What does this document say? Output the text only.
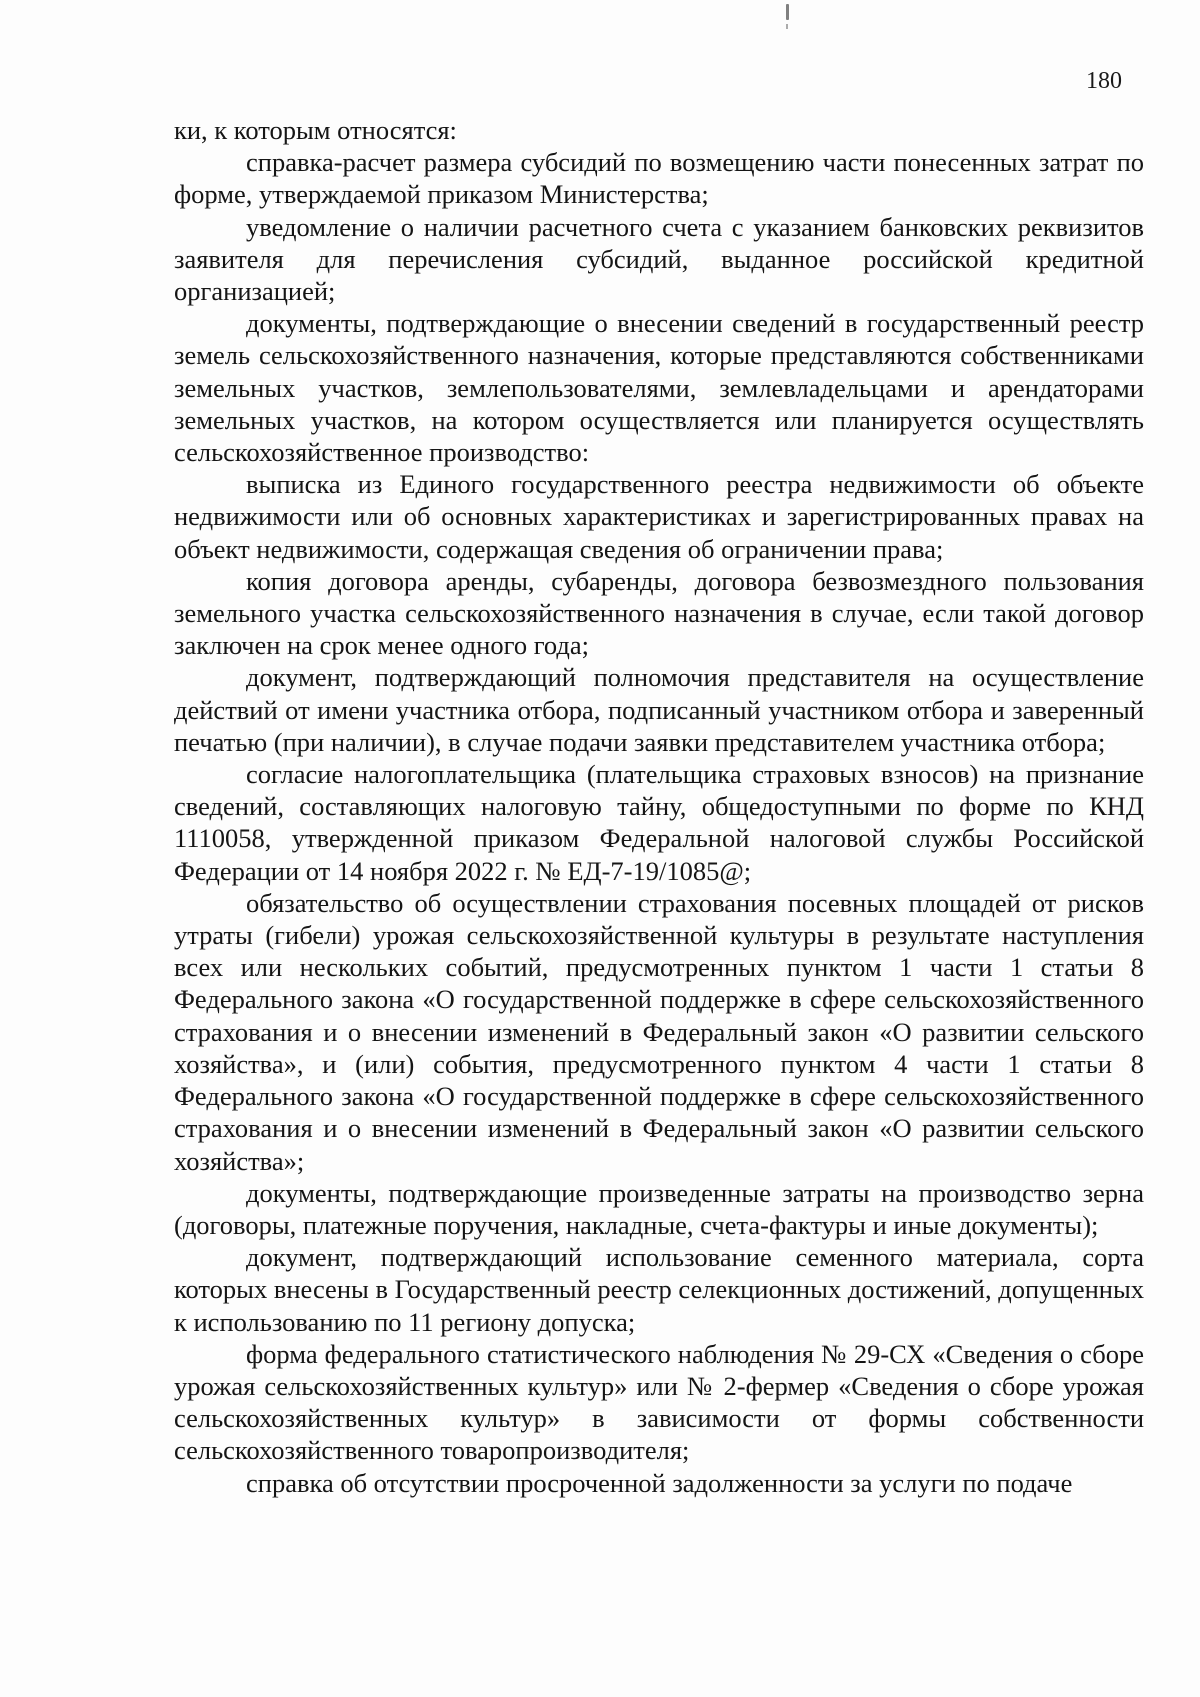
180

ки, к которым относятся:

справка-расчет размера субсидий по возмещению части понесенных затрат по форме, утверждаемой приказом Министерства;

уведомление о наличии расчетного счета с указанием банковских реквизитов заявителя для перечисления субсидий, выданное российской кредитной организацией;

документы, подтверждающие о внесении сведений в государственный реестр земель сельскохозяйственного назначения, которые представляются собственниками земельных участков, землепользователями, землевладельцами и арендаторами земельных участков, на котором осуществляется или планируется осуществлять сельскохозяйственное производство:

выписка из Единого государственного реестра недвижимости об объекте недвижимости или об основных характеристиках и зарегистрированных правах на объект недвижимости, содержащая сведения об ограничении права;

копия договора аренды, субаренды, договора безвозмездного пользования земельного участка сельскохозяйственного назначения в случае, если такой договор заключен на срок менее одного года;

документ, подтверждающий полномочия представителя на осуществление действий от имени участника отбора, подписанный участником отбора и заверенный печатью (при наличии), в случае подачи заявки представителем участника отбора;

согласие налогоплательщика (плательщика страховых взносов) на признание сведений, составляющих налоговую тайну, общедоступными по форме по КНД 1110058, утвержденной приказом Федеральной налоговой службы Российской Федерации от 14 ноября 2022 г. № ЕД-7-19/1085@;

обязательство об осуществлении страхования посевных площадей от рисков утраты (гибели) урожая сельскохозяйственной культуры в результате наступления всех или нескольких событий, предусмотренных пунктом 1 части 1 статьи 8 Федерального закона «О государственной поддержке в сфере сельскохозяйственного страхования и о внесении изменений в Федеральный закон «О развитии сельского хозяйства», и (или) события, предусмотренного пунктом 4 части 1 статьи 8 Федерального закона «О государственной поддержке в сфере сельскохозяйственного страхования и о внесении изменений в Федеральный закон «О развитии сельского хозяйства»;

документы, подтверждающие произведенные затраты на производство зерна (договоры, платежные поручения, накладные, счета-фактуры и иные документы);

документ, подтверждающий использование семенного материала, сорта которых внесены в Государственный реестр селекционных достижений, допущенных к использованию по 11 региону допуска;

форма федерального статистического наблюдения № 29-СХ «Сведения о сборе урожая сельскохозяйственных культур» или № 2-фермер «Сведения о сборе урожая сельскохозяйственных культур» в зависимости от формы собственности сельскохозяйственного товаропроизводителя;

справка об отсутствии просроченной задолженности за услуги по подаче
